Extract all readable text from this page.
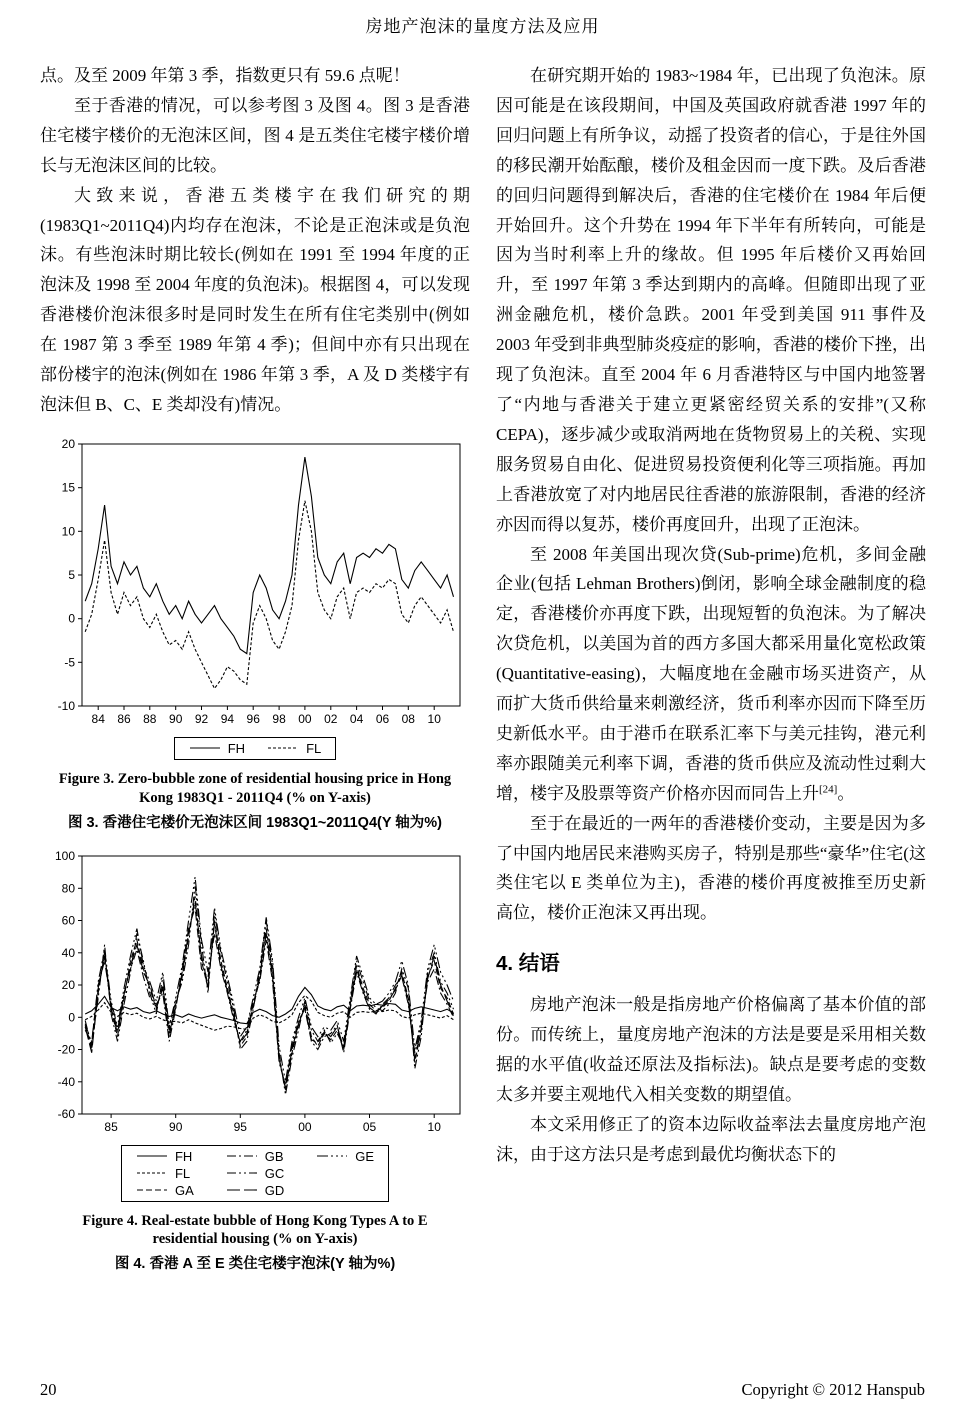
房地产泡沫的量度方法及应用

点。及至 2009 年第 3 季，指数更只有 59.6 点呢！

至于香港的情况，可以参考图 3 及图 4。图 3 是香港住宅楼宇楼价的无泡沫区间，图 4 是五类住宅楼宇楼价增长与无泡沫区间的比较。

大致来说，香港五类楼宇在我们研究的期(1983Q1~2011Q4)内均存在泡沫，不论是正泡沫或是负泡沫。有些泡沫时期比较长(例如在 1991 至 1994 年度的正泡沫及 1998 至 2004 年度的负泡沫)。根据图 4，可以发现香港楼价泡沫很多时是同时发生在所有住宅类别中(例如在 1987 第 3 季至 1989 年第 4 季)；但间中亦有只出现在部份楼宇的泡沫(例如在 1986 年第 3 季，A 及 D 类楼宇有泡沫但 B、C、E 类却没有)情况。

20
15
10
5
0
-5
-10
84 86 88 90 92 94 96 98 00 02 04 06 08 10
FH	FL
Figure 3. Zero-bubble zone of residential housing price in Hong Kong 1983Q1 - 2011Q4 (% on Y-axis)
图 3. 香港住宅楼价无泡沫区间 1983Q1~2011Q4(Y 轴为%)
100
80
60
40
20
0
-20
-40
-60
85	90	95	00	05	10
FH
FL
GA
GB
GC
GD
GE
Figure 4. Real-estate bubble of Hong Kong Types A to E residential housing (% on Y-axis)
图 4. 香港 A 至 E 类住宅楼宇泡沫(Y 轴为%)

在研究期开始的 1983~1984 年，已出现了负泡沫。原因可能是在该段期间，中国及英国政府就香港 1997 年的回归问题上有所争议，动摇了投资者的信心，于是往外国的移民潮开始酝酿，楼价及租金因而一度下跌。及后香港的回归问题得到解决后，香港的住宅楼价在 1984 年后便开始回升。这个升势在 1994 年下半年有所转向，可能是因为当时利率上升的缘故。但 1995 年后楼价又再始回升，至 1997 年第 3 季达到期内的高峰。但随即出现了亚洲金融危机，楼价急跌。2001 年受到美国 911 事件及 2003 年受到非典型肺炎疫症的影响，香港的楼价下挫，出现了负泡沫。直至 2004 年 6 月香港特区与中国内地签署了“内地与香港关于建立更紧密经贸关系的安排”(又称 CEPA)，逐步减少或取消两地在货物贸易上的关税、实现服务贸易自由化、促进贸易投资便利化等三项指施。再加上香港放宽了对内地居民往香港的旅游限制，香港的经济亦因而得以复苏，楼价再度回升，出现了正泡沫。

至 2008 年美国出现次贷(Sub-prime)危机，多间金融企业(包括 Lehman Brothers)倒闭，影响全球金融制度的稳定，香港楼价亦再度下跌，出现短暂的负泡沫。为了解决次贷危机，以美国为首的西方多国大都采用量化宽松政策(Quantitative-easing)，大幅度地在金融市场买进资产，从而扩大货币供给量来刺激经济，货币利率亦因而下降至历史新低水平。由于港币在联系汇率下与美元挂钩，港元利率亦跟随美元利率下调，香港的货币供应及流动性过剩大增，楼宇及股票等资产价格亦因而同告上升[24]。

至于在最近的一两年的香港楼价变动，主要是因为多了中国内地居民来港购买房子，特别是那些“豪华”住宅(这类住宅以 E 类单位为主)，香港的楼价再度被推至历史新高位，楼价正泡沫又再出现。

4. 结语

房地产泡沫一般是指房地产价格偏离了基本价值的部份。而传统上，量度房地产泡沫的方法是要是采用相关数据的水平值(收益还原法及指标法)。缺点是要考虑的变数太多并要主观地代入相关变数的期望值。

本文采用修正了的资本边际收益率法去量度房地产泡沫，由于这方法只是考虑到最优均衡状态下的

20	Copyright © 2012 Hanspub
